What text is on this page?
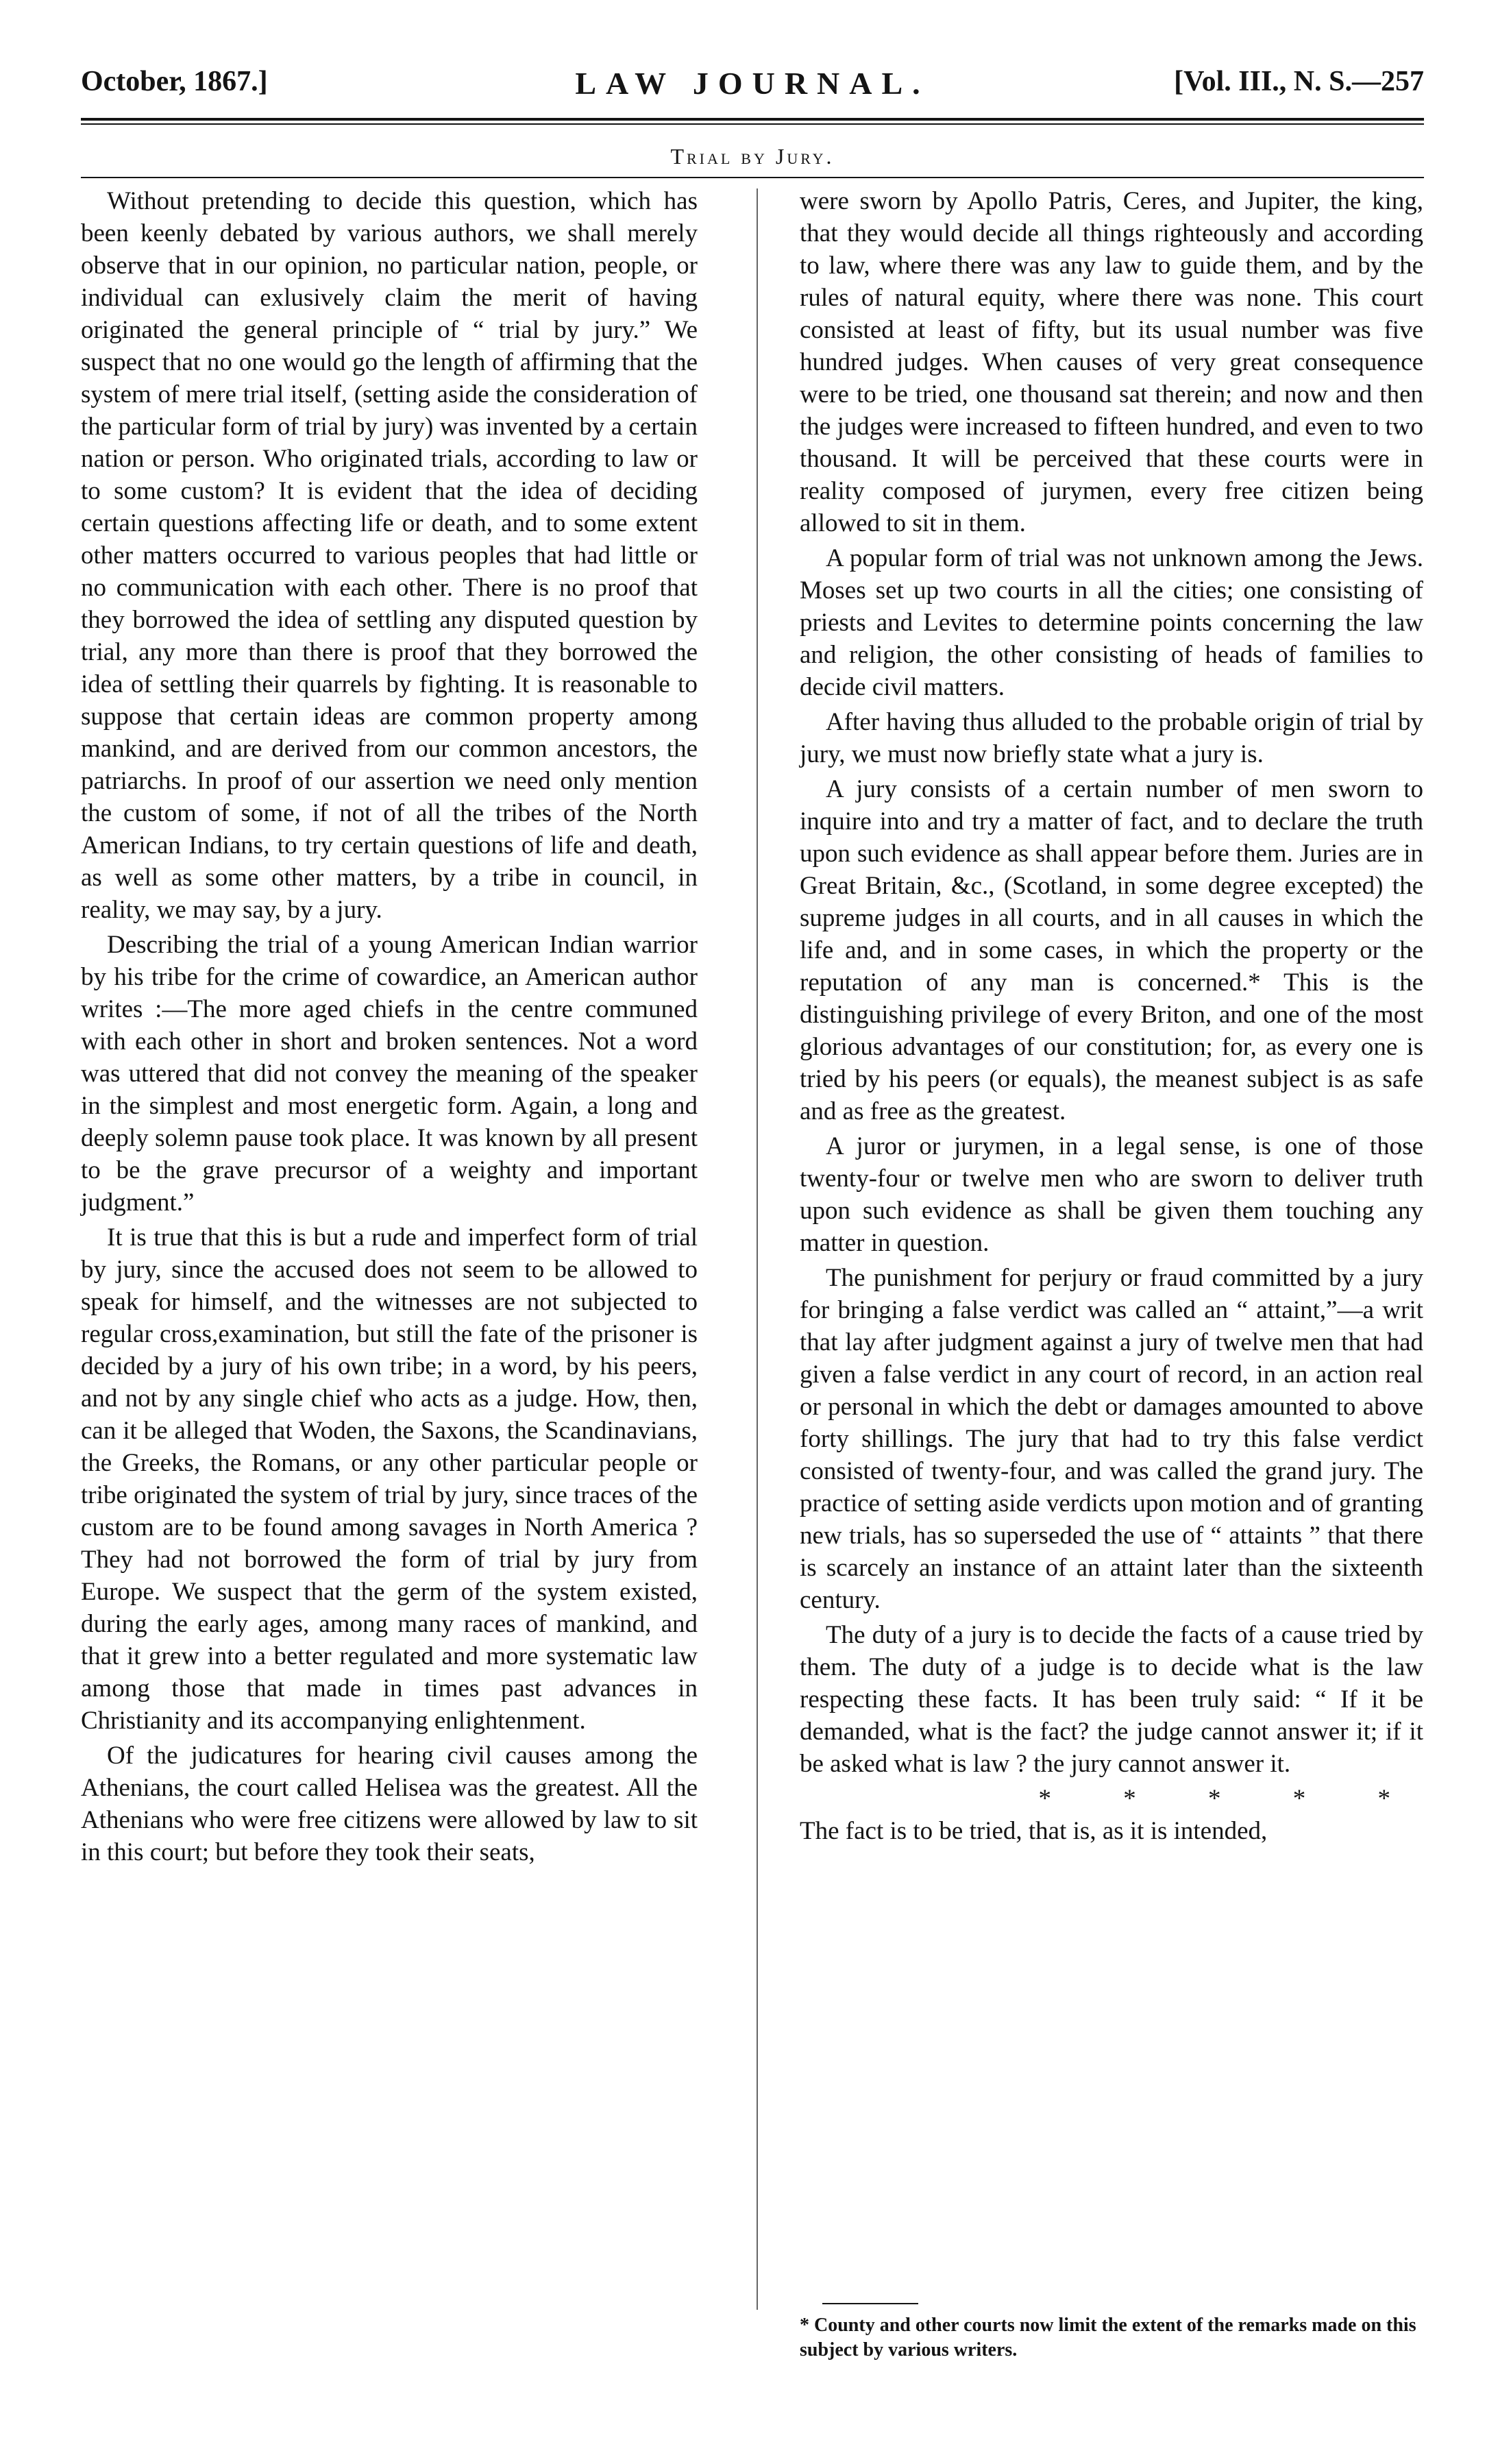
October, 1867.]	LAW JOURNAL.	[Vol. III., N. S.—257
Trial by Jury.

Without pretending to decide this question, which has been keenly debated by various authors, we shall merely observe that in our opinion, no particular nation, people, or individual can exlusively claim the merit of having originated the general principle of “ trial by jury.” We suspect that no one would go the length of affirming that the system of mere trial itself, (setting aside the consideration of the particular form of trial by jury) was invented by a certain nation or person. Who originated trials, according to law or to some custom? It is evident that the idea of deciding certain questions affecting life or death, and to some extent other matters occurred to various peoples that had little or no communication with each other. There is no proof that they borrowed the idea of settling any disputed question by trial, any more than there is proof that they borrowed the idea of settling their quarrels by fighting. It is reasonable to suppose that certain ideas are common property among mankind, and are derived from our common ancestors, the patriarchs. In proof of our assertion we need only mention the custom of some, if not of all the tribes of the North American Indians, to try certain questions of life and death, as well as some other matters, by a tribe in council, in reality, we may say, by a jury.

Describing the trial of a young American Indian warrior by his tribe for the crime of cowardice, an American author writes :—The more aged chiefs in the centre communed with each other in short and broken sentences. Not a word was uttered that did not convey the meaning of the speaker in the simplest and most energetic form. Again, a long and deeply solemn pause took place. It was known by all present to be the grave precursor of a weighty and important judgment.”

It is true that this is but a rude and imperfect form of trial by jury, since the accused does not seem to be allowed to speak for himself, and the witnesses are not subjected to regular cross,examination, but still the fate of the prisoner is decided by a jury of his own tribe; in a word, by his peers, and not by any single chief who acts as a judge. How, then, can it be alleged that Woden, the Saxons, the Scandinavians, the Greeks, the Romans, or any other particular people or tribe originated the system of trial by jury, since traces of the custom are to be found among savages in North America ? They had not borrowed the form of trial by jury from Europe. We suspect that the germ of the system existed, during the early ages, among many races of mankind, and that it grew into a better regulated and more systematic law among those that made in times past advances in Christianity and its accompanying enlightenment.

Of the judicatures for hearing civil causes among the Athenians, the court called Helisea was the greatest. All the Athenians who were free citizens were allowed by law to sit in this court; but before they took their seats,

were sworn by Apollo Patris, Ceres, and Jupiter, the king, that they would decide all things righteously and according to law, where there was any law to guide them, and by the rules of natural equity, where there was none. This court consisted at least of fifty, but its usual number was five hundred judges. When causes of very great consequence were to be tried, one thousand sat therein; and now and then the judges were increased to fifteen hundred, and even to two thousand. It will be perceived that these courts were in reality composed of jurymen, every free citizen being allowed to sit in them.

A popular form of trial was not unknown among the Jews. Moses set up two courts in all the cities; one consisting of priests and Levites to determine points concerning the law and religion, the other consisting of heads of families to decide civil matters.

After having thus alluded to the probable origin of trial by jury, we must now briefly state what a jury is.

A jury consists of a certain number of men sworn to inquire into and try a matter of fact, and to declare the truth upon such evidence as shall appear before them. Juries are in Great Britain, &c., (Scotland, in some degree excepted) the supreme judges in all courts, and in all causes in which the life and, and in some cases, in which the property or the reputation of any man is concerned.* This is the distinguishing privilege of every Briton, and one of the most glorious advantages of our constitution; for, as every one is tried by his peers (or equals), the meanest subject is as safe and as free as the greatest.

A juror or jurymen, in a legal sense, is one of those twenty-four or twelve men who are sworn to deliver truth upon such evidence as shall be given them touching any matter in question.

The punishment for perjury or fraud committed by a jury for bringing a false verdict was called an “ attaint,”—a writ that lay after judgment against a jury of twelve men that had given a false verdict in any court of record, in an action real or personal in which the debt or damages amounted to above forty shillings. The jury that had to try this false verdict consisted of twenty-four, and was called the grand jury. The practice of setting aside verdicts upon motion and of granting new trials, has so superseded the use of “ attaints ” that there is scarcely an instance of an attaint later than the sixteenth century.

The duty of a jury is to decide the facts of a cause tried by them. The duty of a judge is to decide what is the law respecting these facts. It has been truly said: “ If it be demanded, what is the fact? the judge cannot answer it; if it be asked what is law ? the jury cannot answer it.

* * * * *

The fact is to be tried, that is, as it is intended,

* County and other courts now limit the extent of the remarks made on this subject by various writers.
